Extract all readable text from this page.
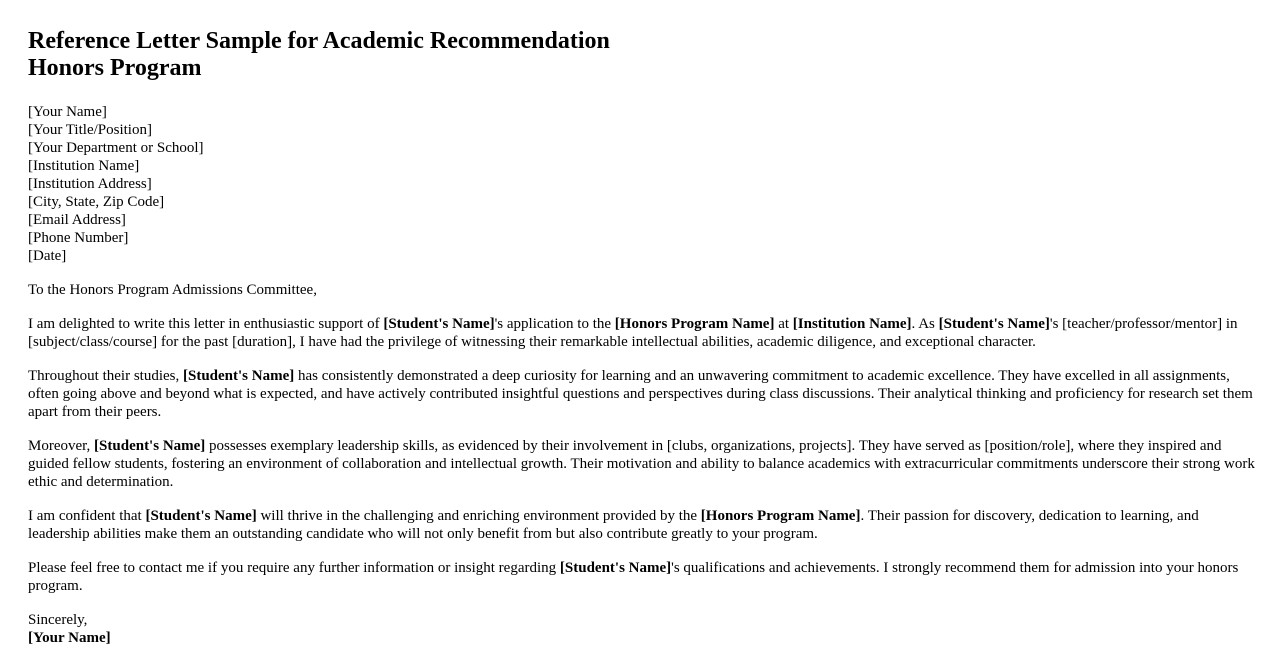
Reference Letter Sample for Academic Recommendation
Honors Program
[Your Name]
[Your Title/Position]
[Your Department or School]
[Institution Name]
[Institution Address]
[City, State, Zip Code]
[Email Address]
[Phone Number]
[Date]

To the Honors Program Admissions Committee,

I am delighted to write this letter in enthusiastic support of [Student's Name]'s application to the [Honors Program Name] at [Institution Name]. As [Student's Name]'s [teacher/professor/mentor] in [subject/class/course] for the past [duration], I have had the privilege of witnessing their remarkable intellectual abilities, academic diligence, and exceptional character.

Throughout their studies, [Student's Name] has consistently demonstrated a deep curiosity for learning and an unwavering commitment to academic excellence. They have excelled in all assignments, often going above and beyond what is expected, and have actively contributed insightful questions and perspectives during class discussions. Their analytical thinking and proficiency for research set them apart from their peers.

Moreover, [Student's Name] possesses exemplary leadership skills, as evidenced by their involvement in [clubs, organizations, projects]. They have served as [position/role], where they inspired and guided fellow students, fostering an environment of collaboration and intellectual growth. Their motivation and ability to balance academics with extracurricular commitments underscore their strong work ethic and determination.

I am confident that [Student's Name] will thrive in the challenging and enriching environment provided by the [Honors Program Name]. Their passion for discovery, dedication to learning, and leadership abilities make them an outstanding candidate who will not only benefit from but also contribute greatly to your program.

Please feel free to contact me if you require any further information or insight regarding [Student's Name]'s qualifications and achievements. I strongly recommend them for admission into your honors program.

Sincerely,
[Your Name]
